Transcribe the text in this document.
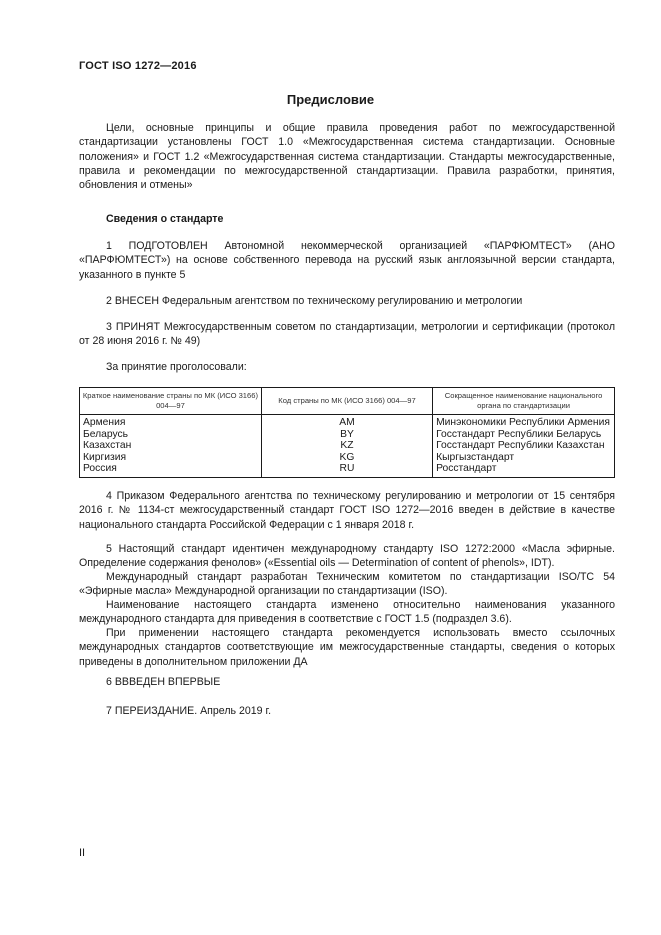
ГОСТ ISO 1272—2016
Предисловие
Цели, основные принципы и общие правила проведения работ по межгосударственной стандартизации установлены ГОСТ 1.0 «Межгосударственная система стандартизации. Основные положения» и ГОСТ 1.2 «Межгосударственная система стандартизации. Стандарты межгосударственные, правила и рекомендации по межгосударственной стандартизации. Правила разработки, принятия, обновления и отмены»
Сведения о стандарте
1 ПОДГОТОВЛЕН Автономной некоммерческой организацией «ПАРФЮМТЕСТ» (АНО «ПАРФЮМТЕСТ») на основе собственного перевода на русский язык англоязычной версии стандарта, указанного в пункте 5
2 ВНЕСЕН Федеральным агентством по техническому регулированию и метрологии
3 ПРИНЯТ Межгосударственным советом по стандартизации, метрологии и сертификации (протокол от 28 июня 2016 г. № 49)
За принятие проголосовали:
Краткое наименование страны по МК (ИСО 3166) 004—97	Код страны по МК (ИСО 3166) 004—97	Сокращенное наименование национального органа по стандартизации
Армения	AM	Минэкономики Республики Армения
Беларусь	BY	Госстандарт Республики Беларусь
Казахстан	KZ	Госстандарт Республики Казахстан
Киргизия	KG	Кыргызстандарт
Россия	RU	Росстандарт
4 Приказом Федерального агентства по техническому регулированию и метрологии от 15 сентября 2016 г. № 1134-ст межгосударственный стандарт ГОСТ ISO 1272—2016 введен в действие в качестве национального стандарта Российской Федерации с 1 января 2018 г.
5 Настоящий стандарт идентичен международному стандарту ISO 1272:2000 «Масла эфирные. Определение содержания фенолов» («Essential oils — Determination of content of phenols», IDT).
Международный стандарт разработан Техническим комитетом по стандартизации ISO/TC 54 «Эфирные масла» Международной организации по стандартизации (ISO).
Наименование настоящего стандарта изменено относительно наименования указанного международного стандарта для приведения в соответствие с ГОСТ 1.5 (подраздел 3.6).
При применении настоящего стандарта рекомендуется использовать вместо ссылочных международных стандартов соответствующие им межгосударственные стандарты, сведения о которых приведены в дополнительном приложении ДА
6 ВВВЕДЕН ВПЕРВЫЕ
7 ПЕРЕИЗДАНИЕ. Апрель 2019 г.
II
